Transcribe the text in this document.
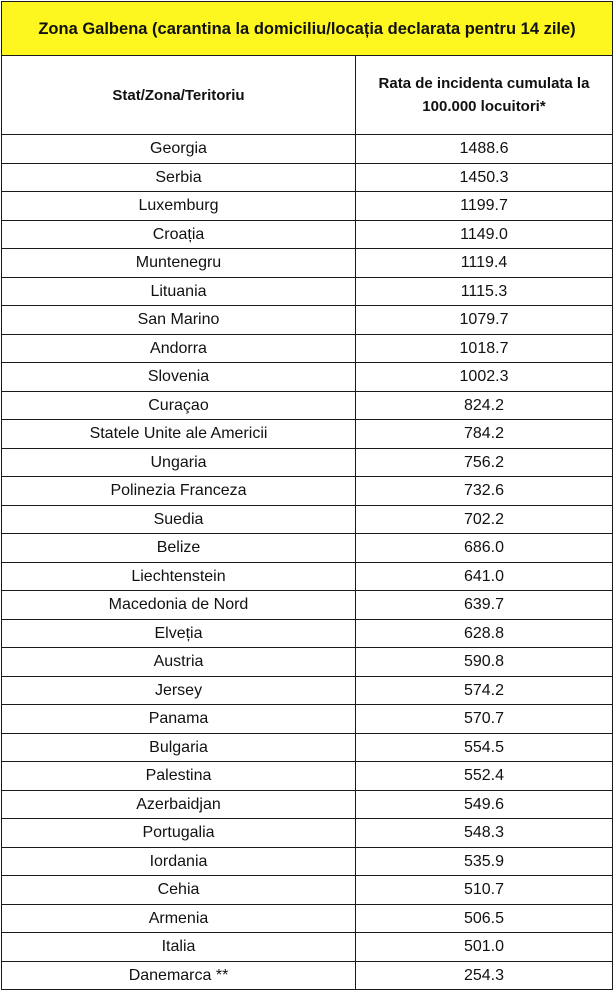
Zona Galbena (carantina la domiciliu/locația declarata pentru 14 zile)	
Stat/Zona/Teritoriu	Rata de incidenta cumulata la 100.000 locuitori*
Georgia	1488.6
Serbia	1450.3
Luxemburg	1199.7
Croația	1149.0
Muntenegru	1119.4
Lituania	1115.3
San Marino	1079.7
Andorra	1018.7
Slovenia	1002.3
Curaçao	824.2
Statele Unite ale Americii	784.2
Ungaria	756.2
Polinezia Franceza	732.6
Suedia	702.2
Belize	686.0
Liechtenstein	641.0
Macedonia de Nord	639.7
Elveția	628.8
Austria	590.8
Jersey	574.2
Panama	570.7
Bulgaria	554.5
Palestina	552.4
Azerbaidjan	549.6
Portugalia	548.3
Iordania	535.9
Cehia	510.7
Armenia	506.5
Italia	501.0
Danemarca **	254.3
